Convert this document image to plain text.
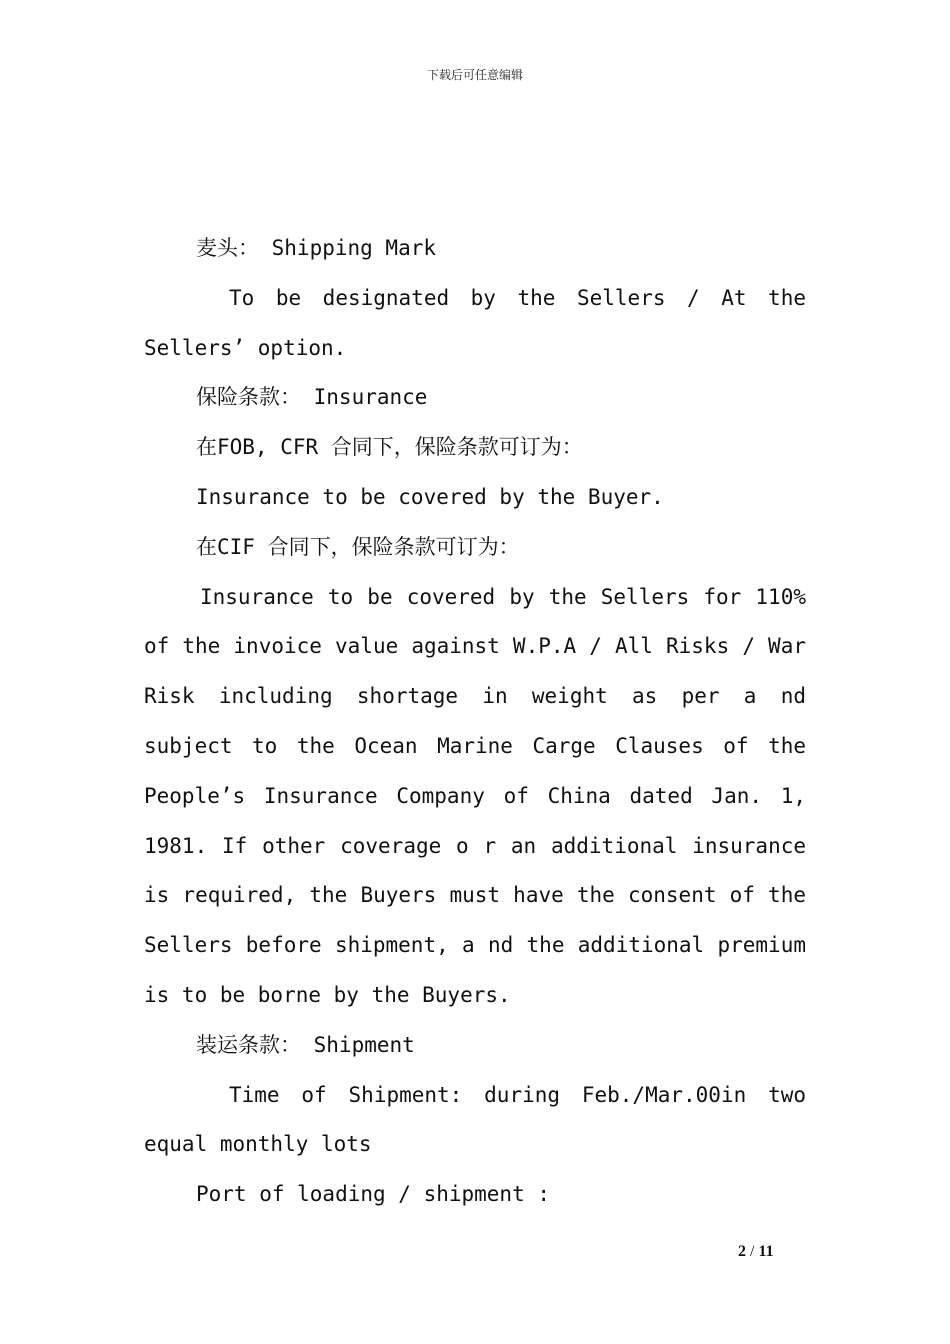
下载后可任意编辑

麦头： Shipping Mark

To be designated by the Sellers / At the Sellers’ option.

保险条款： Insurance

在FOB, CFR 合同下，保险条款可订为：

Insurance to be covered by the Buyer.

在CIF 合同下，保险条款可订为：

Insurance to be covered by the Sellers for 110% of the invoice value against W.P.A / All Risks / War Risk including shortage in weight as per a nd subject to the Ocean Marine Carge Clauses of the People’s Insurance Company of China dated Jan. 1, 1981. If other coverage o r an additional insurance is required, the Buyers must have the consent of the Sellers before shipment, a nd the additional premium is to be borne by the Buyers.

装运条款： Shipment

Time of Shipment: during Feb./Mar.00in two equal monthly lots

Port of loading / shipment :

2 / 11
